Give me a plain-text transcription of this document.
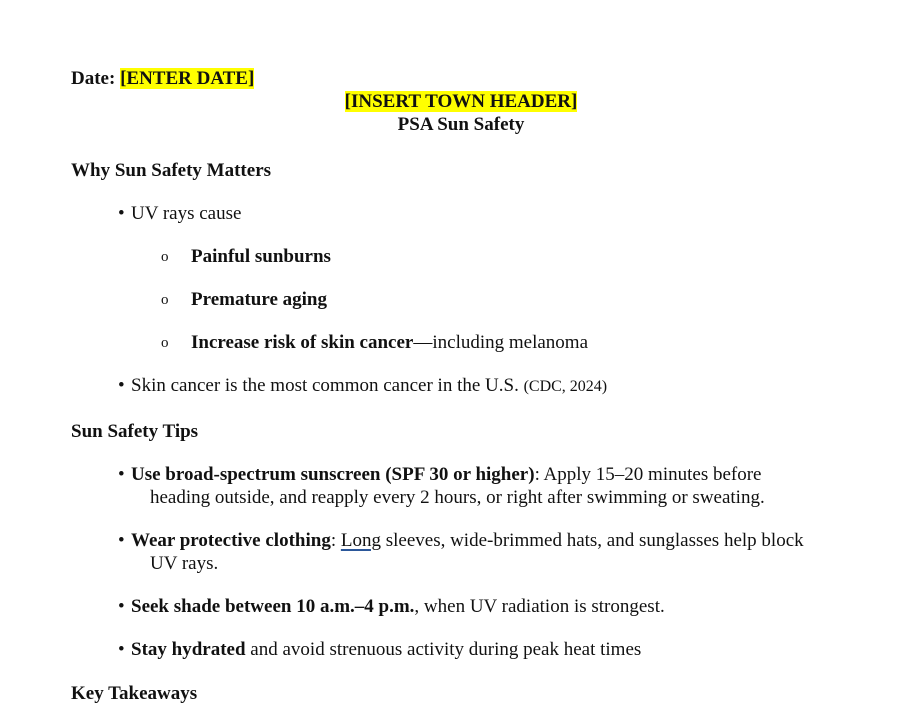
Date: [ENTER DATE]
[INSERT TOWN HEADER]
PSA Sun Safety
Why Sun Safety Matters
• UV rays cause
o Painful sunburns
o Premature aging
o Increase risk of skin cancer—including melanoma
• Skin cancer is the most common cancer in the U.S. (CDC, 2024)
Sun Safety Tips
• Use broad-spectrum sunscreen (SPF 30 or higher): Apply 15–20 minutes before
heading outside, and reapply every 2 hours, or right after swimming or sweating.
• Wear protective clothing: Long sleeves, wide-brimmed hats, and sunglasses help block
UV rays.
• Seek shade between 10 a.m.–4 p.m., when UV radiation is strongest.
• Stay hydrated and avoid strenuous activity during peak heat times
Key Takeaways
